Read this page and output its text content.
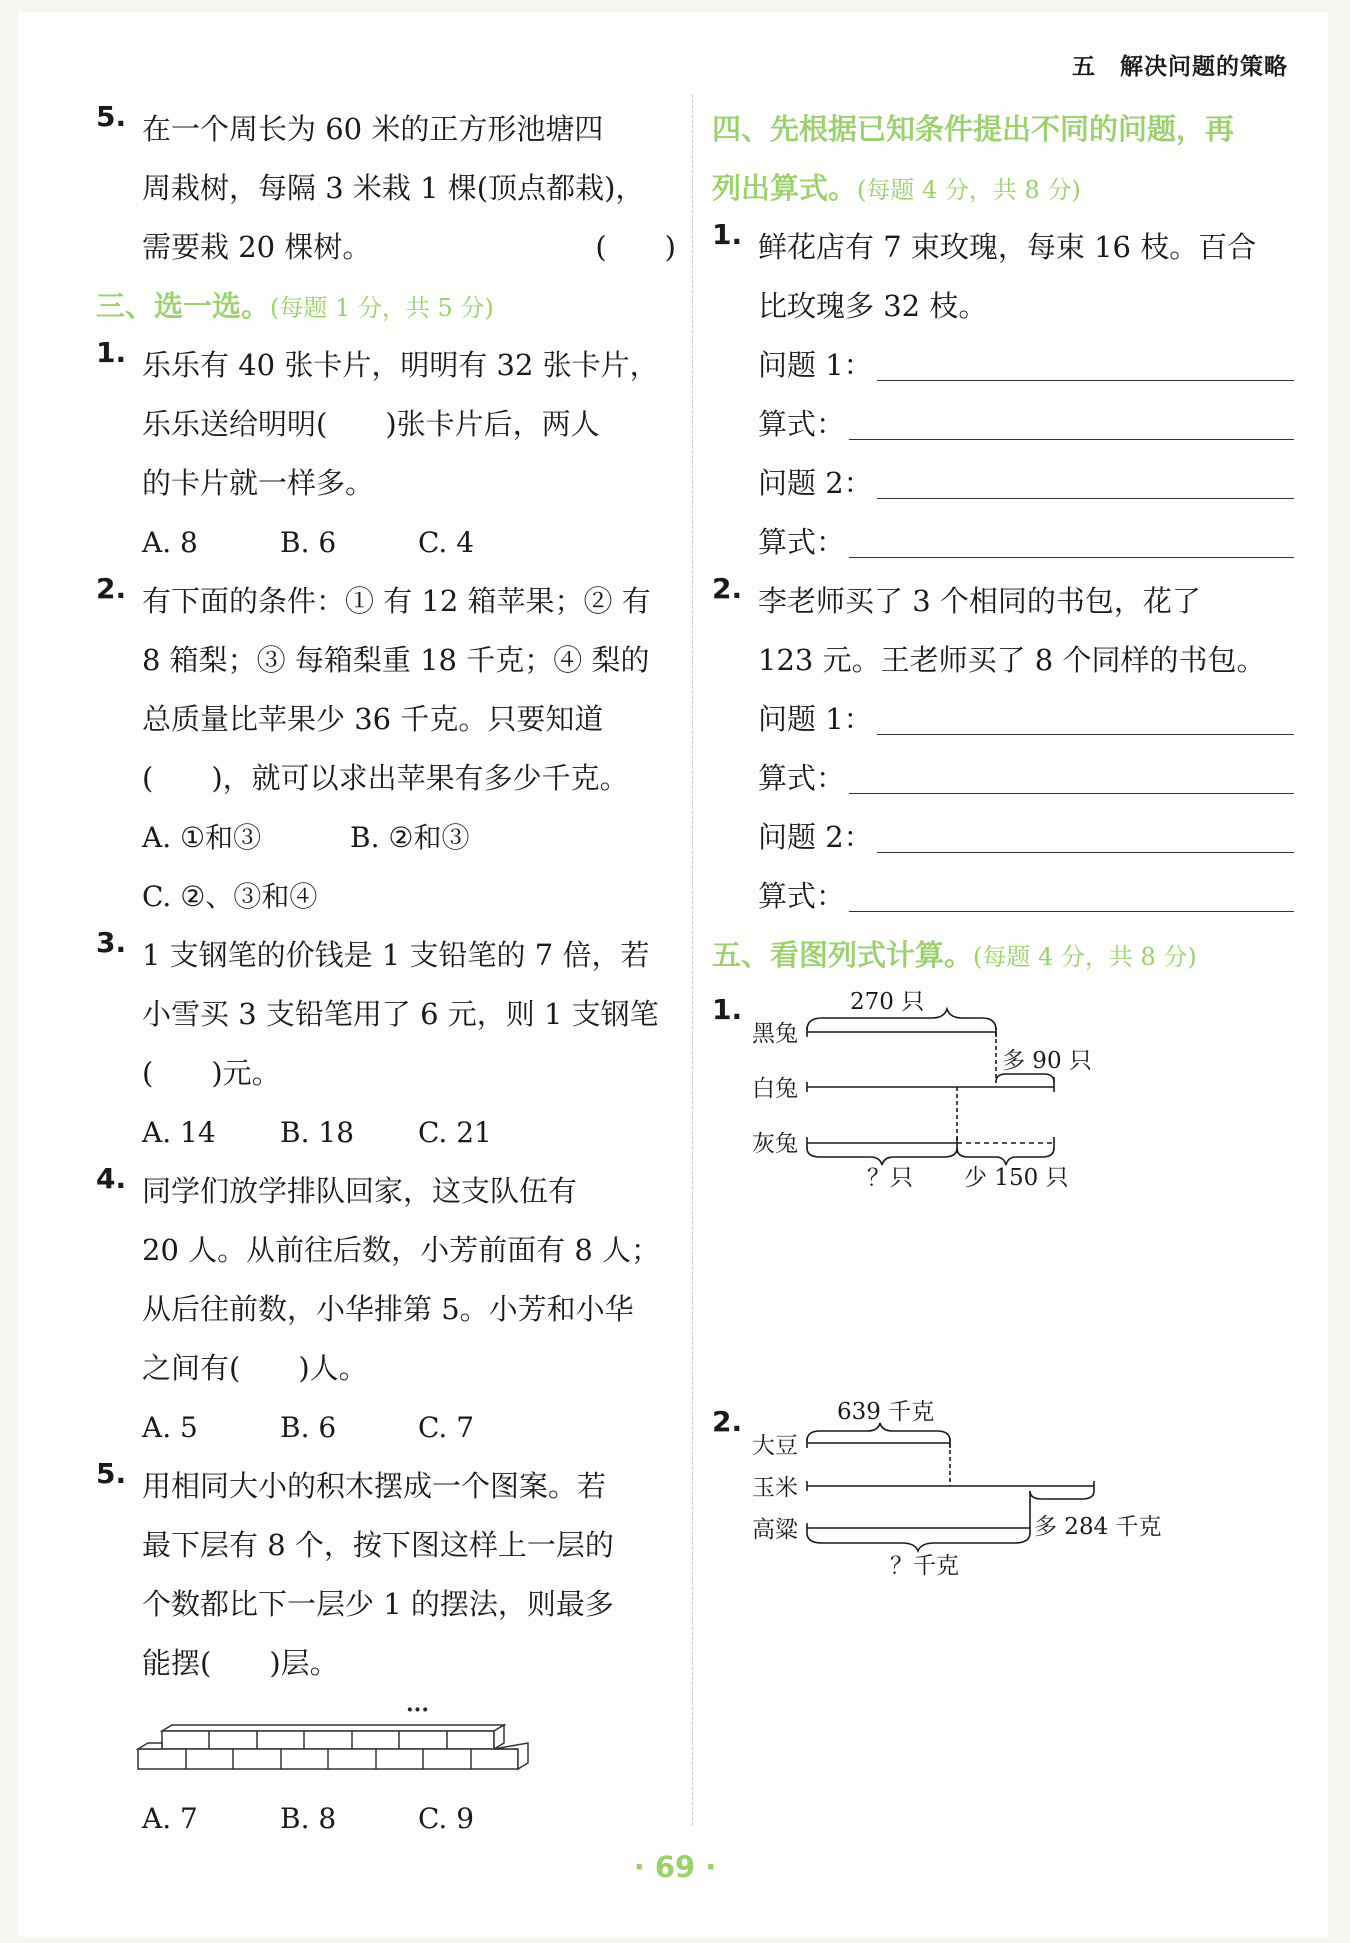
五　解决问题的策略
5. 在一个周长为 60 米的正方形池塘四
周栽树，每隔 3 米栽 1 棵(顶点都栽)，
需要栽 20 棵树。	(　　)
三、选一选。(每题 1 分，共 5 分)
1. 乐乐有 40 张卡片，明明有 32 张卡片，
乐乐送给明明(　　)张卡片后，两人
的卡片就一样多。
A. 8	B. 6	C. 4
2. 有下面的条件：① 有 12 箱苹果；② 有
8 箱梨；③ 每箱梨重 18 千克；④ 梨的
总质量比苹果少 36 千克。只要知道
(　　)，就可以求出苹果有多少千克。
A. ①和③	B. ②和③
C. ②、③和④
3. 1 支钢笔的价钱是 1 支铅笔的 7 倍，若
小雪买 3 支铅笔用了 6 元，则 1 支钢笔
(　　)元。
A. 14	B. 18	C. 21
4. 同学们放学排队回家，这支队伍有
20 人。从前往后数，小芳前面有 8 人；
从后往前数，小华排第 5。小芳和小华
之间有(　　)人。
A. 5	B. 6	C. 7
5. 用相同大小的积木摆成一个图案。若
最下层有 8 个，按下图这样上一层的
个数都比下一层少 1 的摆法，则最多
能摆(　　)层。
···
A. 7	B. 8	C. 9
四、先根据已知条件提出不同的问题，再
列出算式。(每题 4 分，共 8 分)
1. 鲜花店有 7 束玫瑰，每束 16 枝。百合
比玫瑰多 32 枝。
问题 1：
算式：
问题 2：
算式：
2. 李老师买了 3 个相同的书包，花了
123 元。王老师买了 8 个同样的书包。
问题 1：
算式：
问题 2：
算式：
五、看图列式计算。(每题 4 分，共 8 分)
1.
黑兔
白兔
灰兔
270 只
多 90 只
？只 少 150 只
2.
大豆
玉米
高粱
639 千克
多 284 千克
？千克
· 69 ·
